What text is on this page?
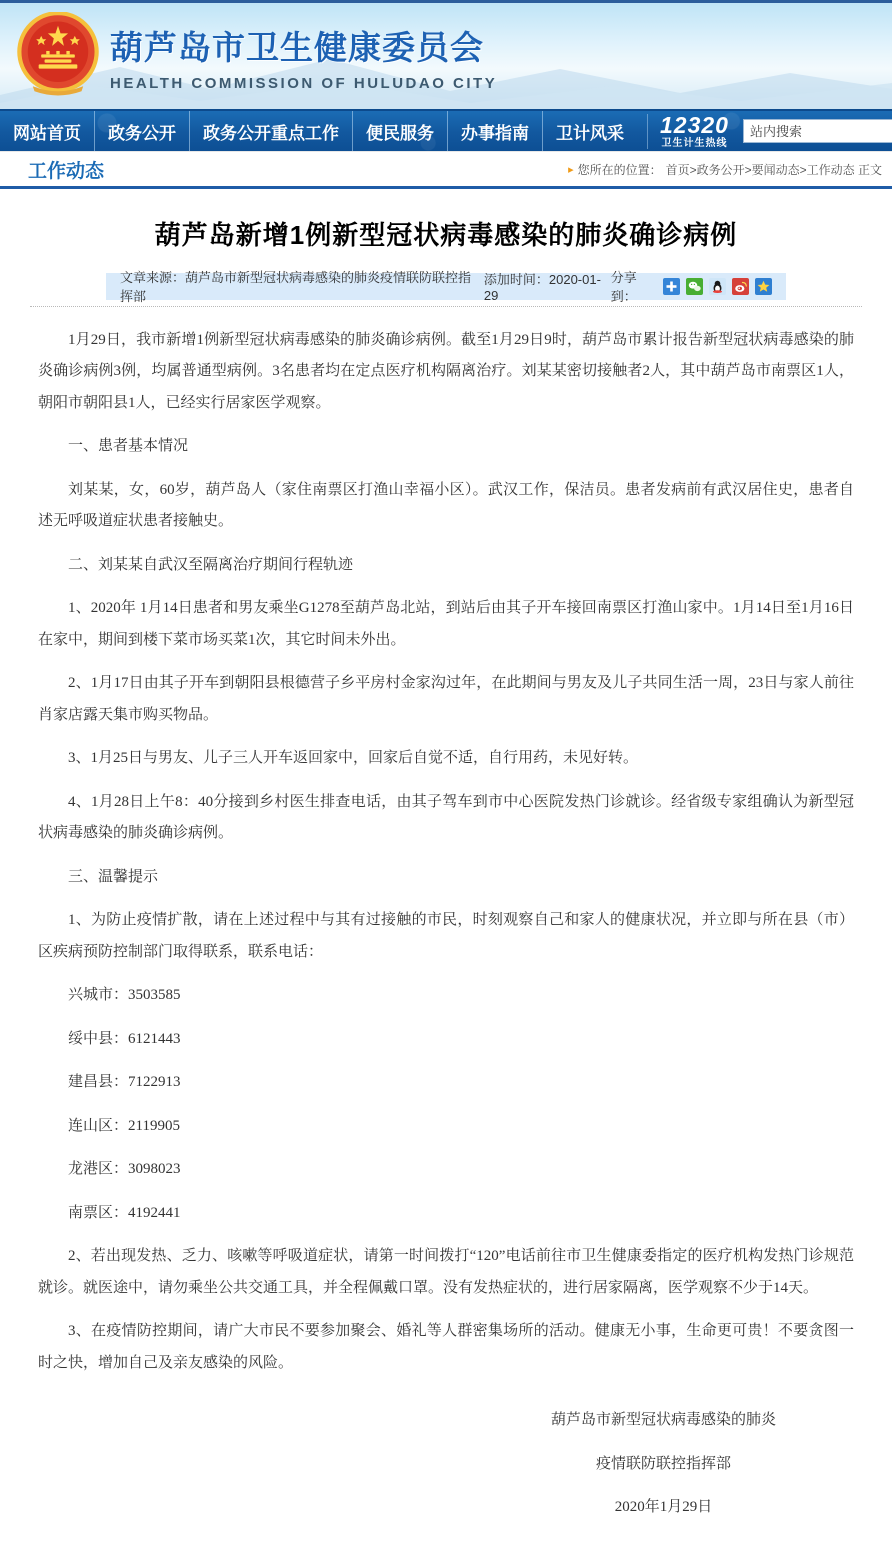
葫芦岛市卫生健康委员会
HEALTH COMMISSION OF HULUDAO CITY
网站首页 政务公开 政务公开重点工作 便民服务 办事指南 卫计风采 12320
卫生计生热线
站内搜索
工作动态	▸ 您所在的位置： 首页>政务公开>要闻动态>工作动态 正文
葫芦岛新增1例新型冠状病毒感染的肺炎确诊病例
文章来源：葫芦岛市新型冠状病毒感染的肺炎疫情联防联控指挥部
添加时间：2020-01-29
分享到：

1月29日，我市新增1例新型冠状病毒感染的肺炎确诊病例。截至1月29日9时，葫芦岛市累计报告新型冠状病毒感染的肺炎确诊病例3例，均属普通型病例。3名患者均在定点医疗机构隔离治疗。刘某某密切接触者2人，其中葫芦岛市南票区1人，朝阳市朝阳县1人，已经实行居家医学观察。

一、患者基本情况

刘某某，女，60岁，葫芦岛人（家住南票区打渔山幸福小区）。武汉工作，保洁员。患者发病前有武汉居住史，患者自述无呼吸道症状患者接触史。

二、刘某某自武汉至隔离治疗期间行程轨迹

1、2020年 1月14日患者和男友乘坐G1278至葫芦岛北站，到站后由其子开车接回南票区打渔山家中。1月14日至1月16日在家中，期间到楼下菜市场买菜1次，其它时间未外出。

2、1月17日由其子开车到朝阳县根德营子乡平房村金家沟过年，在此期间与男友及儿子共同生活一周，23日与家人前往肖家店露天集市购买物品。

3、1月25日与男友、儿子三人开车返回家中，回家后自觉不适，自行用药，未见好转。

4、1月28日上午8：40分接到乡村医生排查电话，由其子驾车到市中心医院发热门诊就诊。经省级专家组确认为新型冠状病毒感染的肺炎确诊病例。

三、温馨提示

1、为防止疫情扩散，请在上述过程中与其有过接触的市民，时刻观察自己和家人的健康状况，并立即与所在县（市）区疾病预防控制部门取得联系，联系电话：

兴城市：3503585

绥中县：6121443

建昌县：7122913

连山区：2119905

龙港区：3098023

南票区：4192441

2、若出现发热、乏力、咳嗽等呼吸道症状，请第一时间拨打“120”电话前往市卫生健康委指定的医疗机构发热门诊规范就诊。就医途中，请勿乘坐公共交通工具，并全程佩戴口罩。没有发热症状的，进行居家隔离，医学观察不少于14天。

3、在疫情防控期间，请广大市民不要参加聚会、婚礼等人群密集场所的活动。健康无小事，生命更可贵！不要贪图一时之快，增加自己及亲友感染的风险。

葫芦岛市新型冠状病毒感染的肺炎

疫情联防联控指挥部

2020年1月29日
